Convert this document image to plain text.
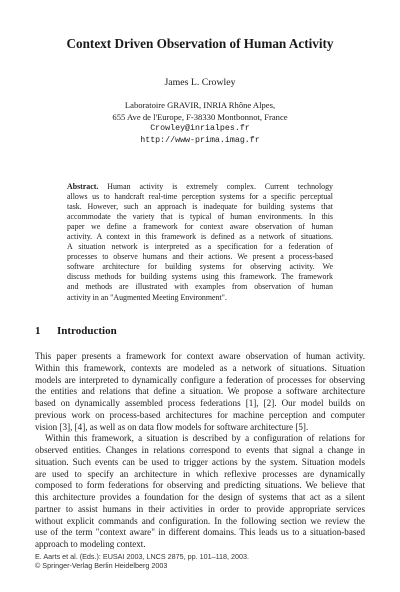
Context Driven Observation of Human Activity
James L. Crowley
Laboratoire GRAVIR, INRIA Rhône Alpes,
655 Ave de l'Europe, F-38330 Montbonnot, France
Crowley@inrialpes.fr
http://www-prima.imag.fr
Abstract. Human activity is extremely complex. Current technology
allows us to handcraft real-time perception systems for a specific perceptual
task. However, such an approach is inadequate for building systems that
accommodate the variety that is typical of human environments. In this
paper we define a framework for context aware observation of human
activity. A context in this framework is defined as a network of situations.
A situation network is interpreted as a specification for a federation of
processes to observe humans and their actions. We present a process-based
software architecture for building systems for observing activity. We
discuss methods for building systems using this framework. The framework
and methods are illustrated with examples from observation of human
activity in an "Augmented Meeting Environment".
1 Introduction
This paper presents a framework for context aware observation of human activity.
Within this framework, contexts are modeled as a network of situations. Situation
models are interpreted to dynamically configure a federation of processes for observing
the entities and relations that define a situation. We propose a software architecture
based on dynamically assembled process federations [1], [2]. Our model builds on
previous work on process-based architectures for machine perception and computer
vision [3], [4], as well as on data flow models for software architecture [5].
Within this framework, a situation is described by a configuration of relations for
observed entities. Changes in relations correspond to events that signal a change in
situation. Such events can be used to trigger actions by the system. Situation models
are used to specify an architecture in which reflexive processes are dynamically
composed to form federations for observing and predicting situations. We believe that
this architecture provides a foundation for the design of systems that act as a silent
partner to assist humans in their activities in order to provide appropriate services
without explicit commands and configuration. In the following section we review the
use of the term "context aware" in different domains. This leads us to a situation-based
approach to modeling context.
E. Aarts et al. (Eds.): EUSAI 2003, LNCS 2875, pp. 101–118, 2003.
© Springer-Verlag Berlin Heidelberg 2003
